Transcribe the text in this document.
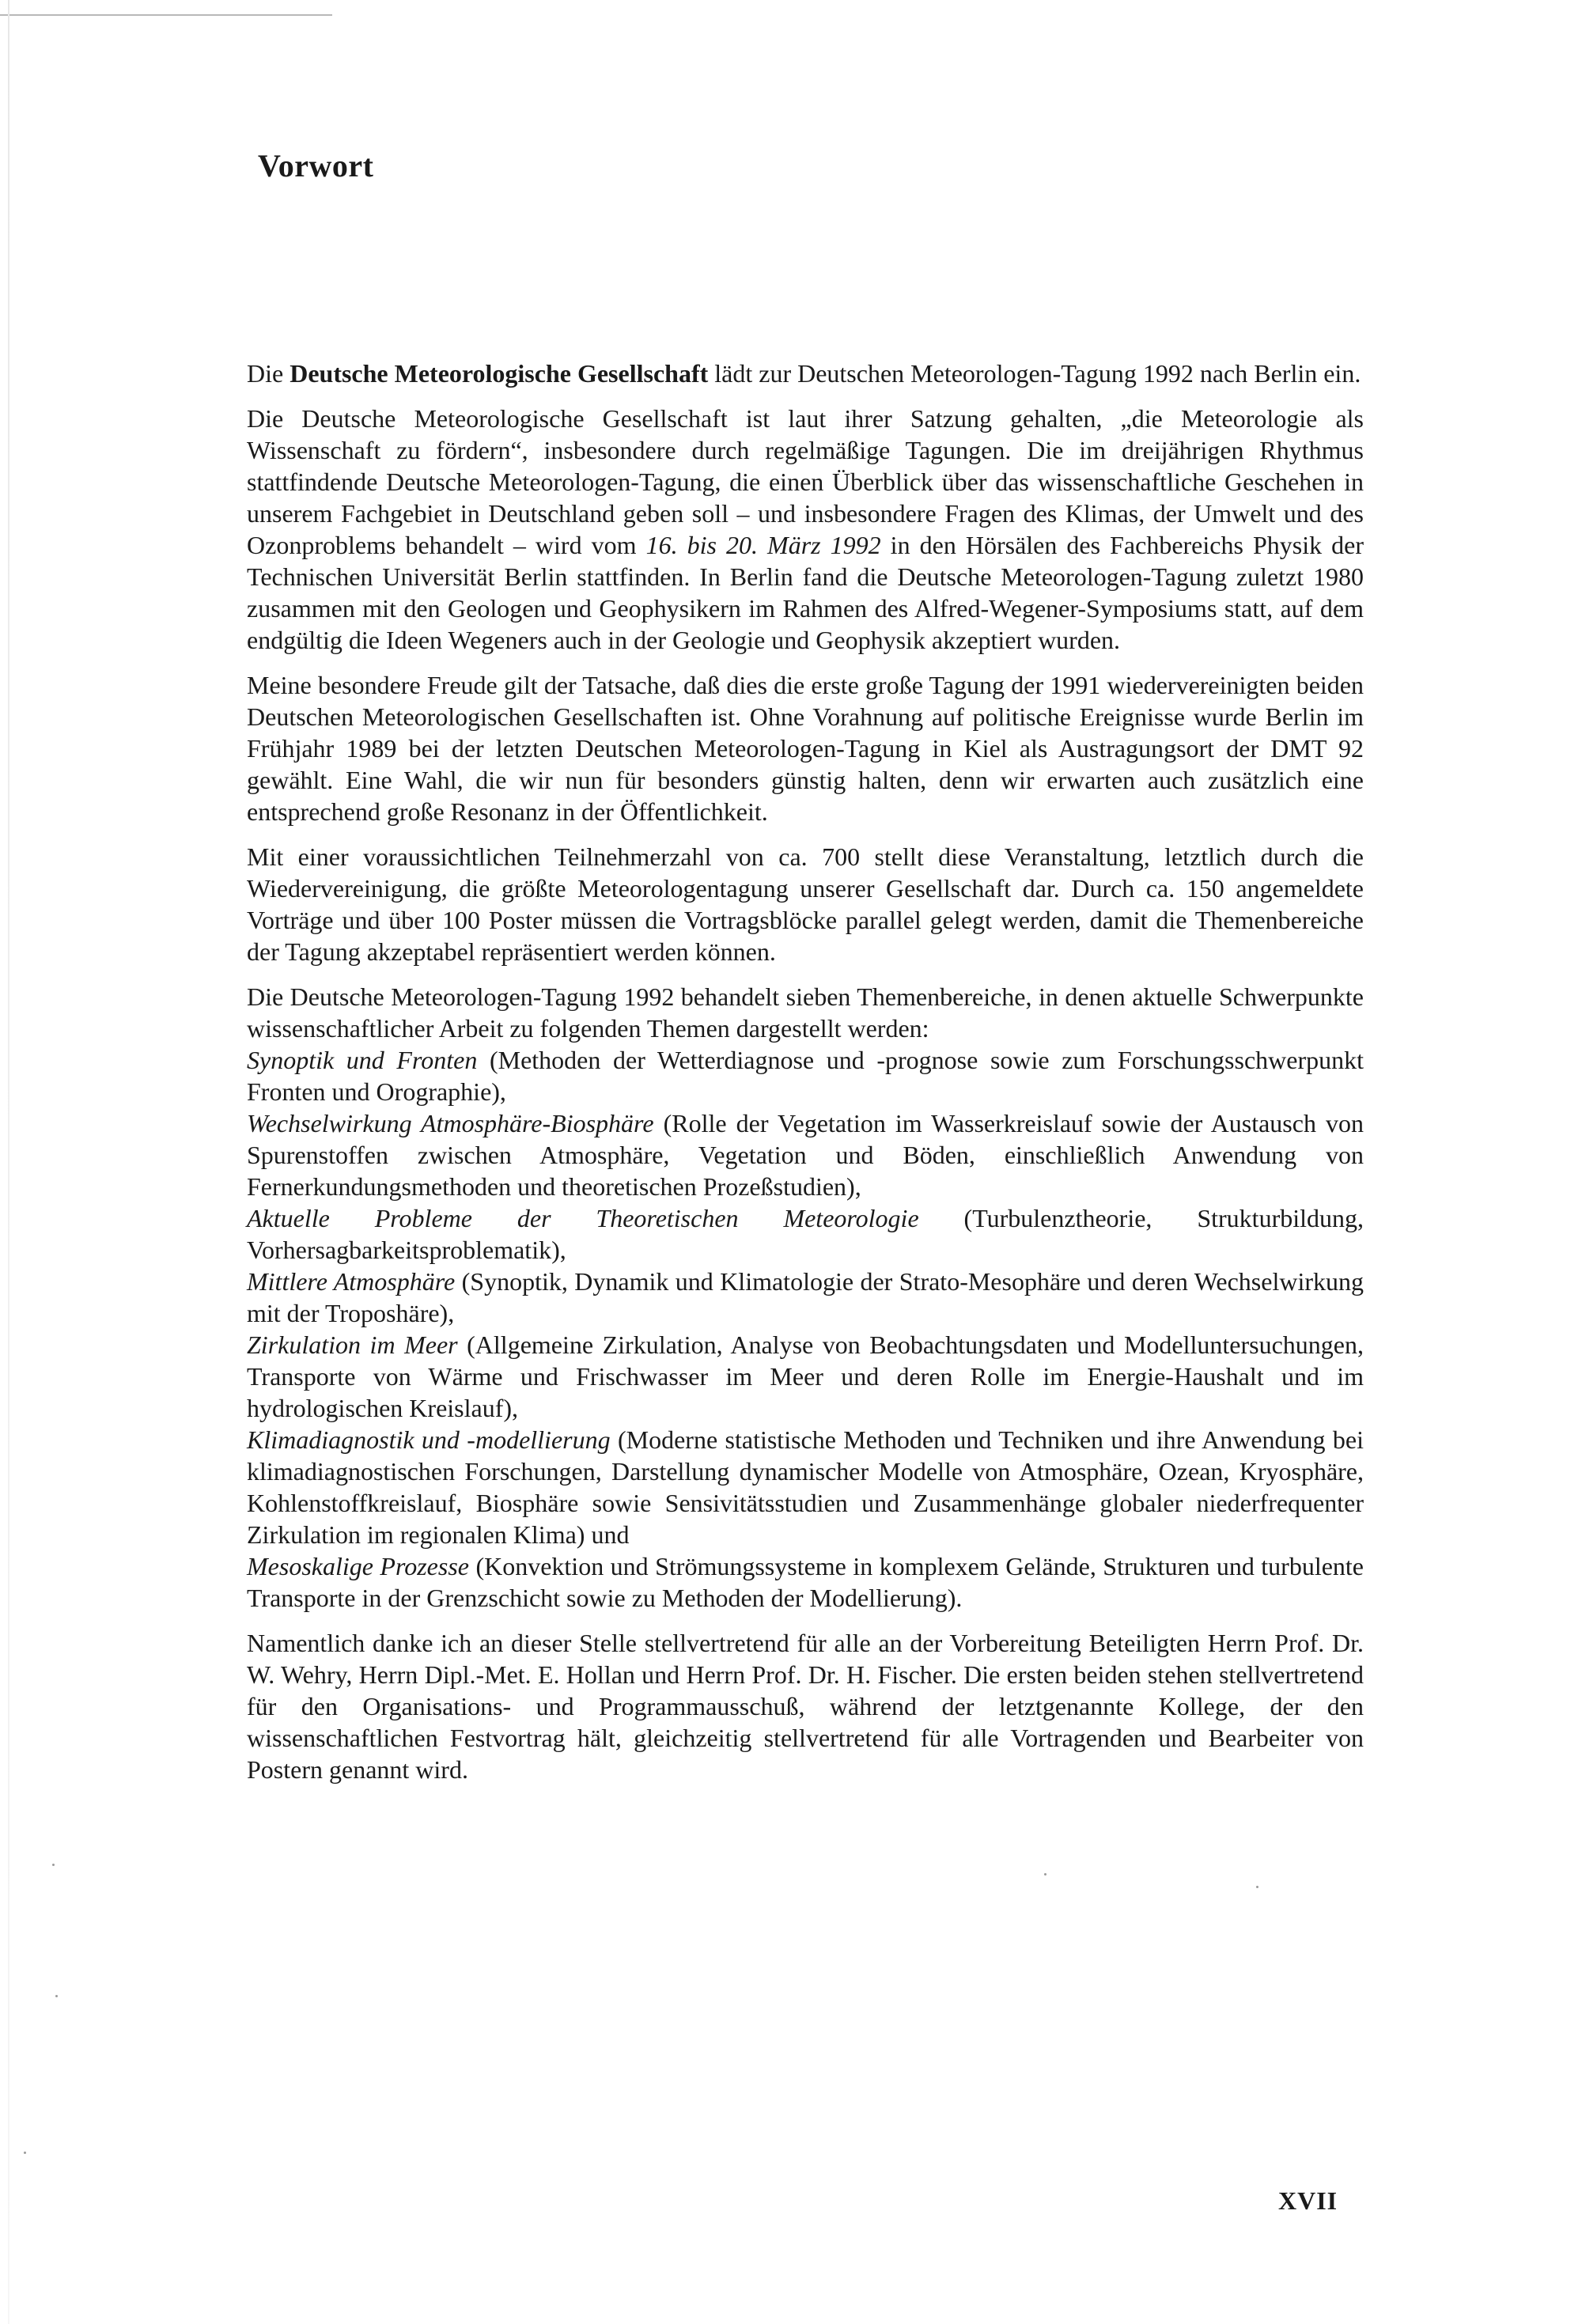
Vorwort

Die Deutsche Meteorologische Gesellschaft lädt zur Deutschen Meteorologen-Tagung 1992 nach Berlin ein.

Die Deutsche Meteorologische Gesellschaft ist laut ihrer Satzung gehalten, „die Meteorologie als Wissenschaft zu fördern“, insbesondere durch regelmäßige Tagungen. Die im dreijährigen Rhythmus stattfindende Deutsche Meteorologen-Tagung, die einen Überblick über das wissenschaftliche Geschehen in unserem Fachgebiet in Deutschland geben soll – und insbesondere Fragen des Klimas, der Umwelt und des Ozonproblems behandelt – wird vom 16. bis 20. März 1992 in den Hörsälen des Fachbereichs Physik der Technischen Universität Berlin stattfinden. In Berlin fand die Deutsche Meteorologen-Tagung zuletzt 1980 zusammen mit den Geologen und Geophysikern im Rahmen des Alfred-Wegener-Symposiums statt, auf dem endgültig die Ideen Wegeners auch in der Geologie und Geophysik akzeptiert wurden.

Meine besondere Freude gilt der Tatsache, daß dies die erste große Tagung der 1991 wiedervereinigten beiden Deutschen Meteorologischen Gesellschaften ist. Ohne Vorahnung auf politische Ereignisse wurde Berlin im Frühjahr 1989 bei der letzten Deutschen Meteorologen-Tagung in Kiel als Austragungsort der DMT 92 gewählt. Eine Wahl, die wir nun für besonders günstig halten, denn wir erwarten auch zusätzlich eine entsprechend große Resonanz in der Öffentlichkeit.

Mit einer voraussichtlichen Teilnehmerzahl von ca. 700 stellt diese Veranstaltung, letztlich durch die Wiedervereinigung, die größte Meteorologentagung unserer Gesellschaft dar. Durch ca. 150 angemeldete Vorträge und über 100 Poster müssen die Vortragsblöcke parallel gelegt werden, damit die Themenbereiche der Tagung akzeptabel repräsentiert werden können.

Die Deutsche Meteorologen-Tagung 1992 behandelt sieben Themenbereiche, in denen aktuelle Schwerpunkte wissenschaftlicher Arbeit zu folgenden Themen dargestellt werden:

Synoptik und Fronten (Methoden der Wetterdiagnose und -prognose sowie zum Forschungsschwerpunkt Fronten und Orographie),

Wechselwirkung Atmosphäre-Biosphäre (Rolle der Vegetation im Wasserkreislauf sowie der Austausch von Spurenstoffen zwischen Atmosphäre, Vegetation und Böden, einschließlich Anwendung von Fernerkundungsmethoden und theoretischen Prozeßstudien),

Aktuelle Probleme der Theoretischen Meteorologie (Turbulenztheorie, Strukturbildung, Vorhersagbarkeitsproblematik),

Mittlere Atmosphäre (Synoptik, Dynamik und Klimatologie der Strato-Mesophäre und deren Wechselwirkung mit der Troposhäre),

Zirkulation im Meer (Allgemeine Zirkulation, Analyse von Beobachtungsdaten und Modelluntersuchungen, Transporte von Wärme und Frischwasser im Meer und deren Rolle im Energie-Haushalt und im hydrologischen Kreislauf),

Klimadiagnostik und -modellierung (Moderne statistische Methoden und Techniken und ihre Anwendung bei klimadiagnostischen Forschungen, Darstellung dynamischer Modelle von Atmosphäre, Ozean, Kryosphäre, Kohlenstoffkreislauf, Biosphäre sowie Sensivitätsstudien und Zusammenhänge globaler niederfrequenter Zirkulation im regionalen Klima) und

Mesoskalige Prozesse (Konvektion und Strömungssysteme in komplexem Gelände, Strukturen und turbulente Transporte in der Grenzschicht sowie zu Methoden der Modellierung).

Namentlich danke ich an dieser Stelle stellvertretend für alle an der Vorbereitung Beteiligten Herrn Prof. Dr. W. Wehry, Herrn Dipl.-Met. E. Hollan und Herrn Prof. Dr. H. Fischer. Die ersten beiden stehen stellvertretend für den Organisations- und Programmausschuß, während der letztgenannte Kollege, der den wissenschaftlichen Festvortrag hält, gleichzeitig stellvertretend für alle Vortragenden und Bearbeiter von Postern genannt wird.

XVII
